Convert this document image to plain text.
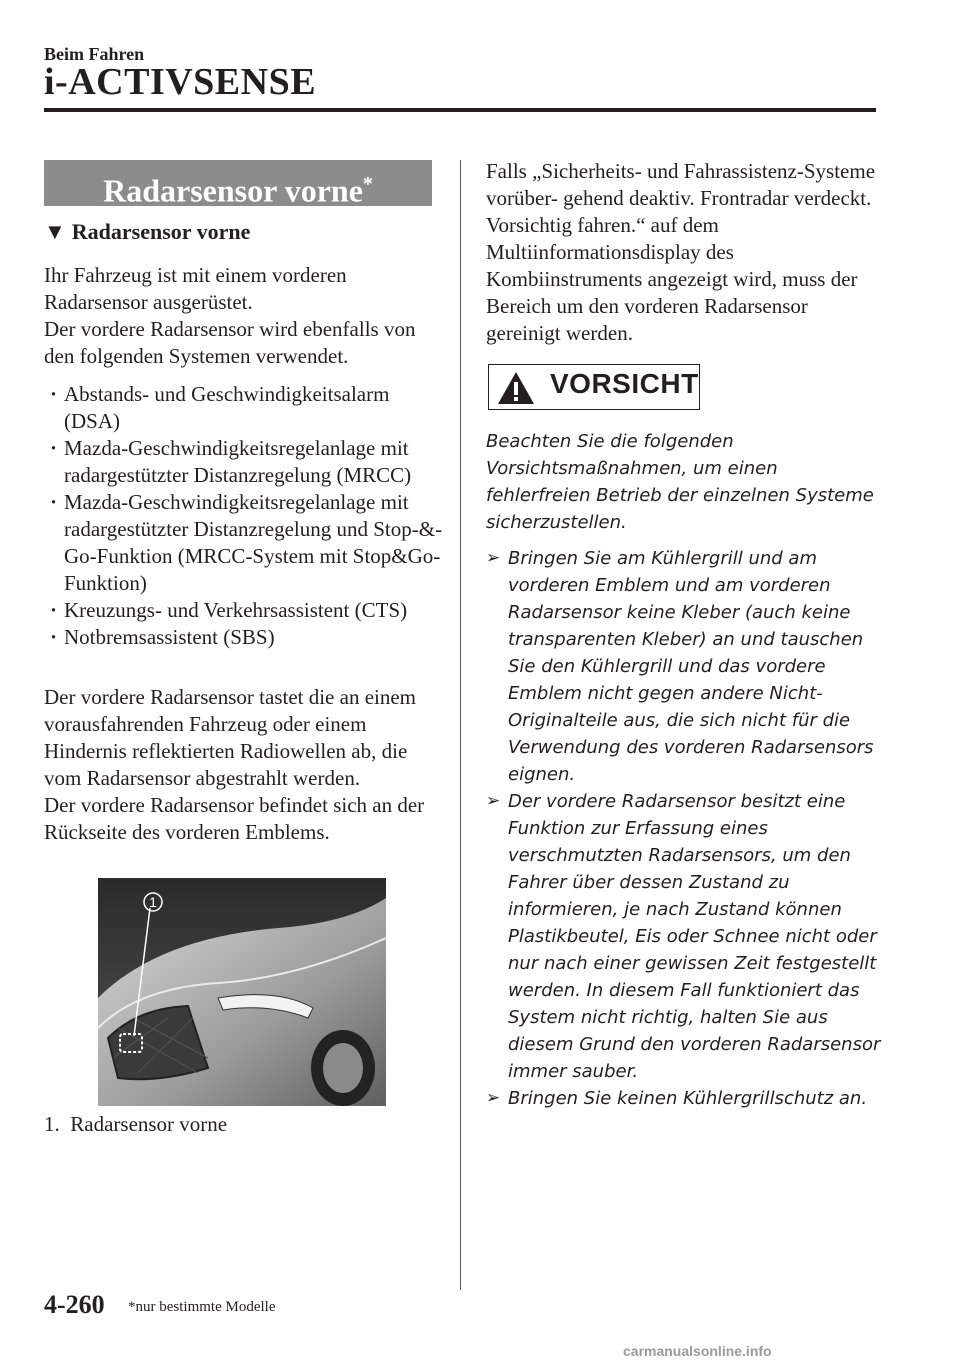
Beim Fahren
i-ACTIVSENSE
Radarsensor vorne*
▼ Radarsensor vorne
Ihr Fahrzeug ist mit einem vorderen Radarsensor ausgerüstet.
Der vordere Radarsensor wird ebenfalls von den folgenden Systemen verwendet.
· Abstands- und Geschwindigkeitsalarm (DSA)
· Mazda-Geschwindigkeitsregelanlage mit radargestützter Distanzregelung (MRCC)
· Mazda-Geschwindigkeitsregelanlage mit radargestützter Distanzregelung und Stop-&-Go-Funktion (MRCC-System mit Stop&Go-Funktion)
· Kreuzungs- und Verkehrsassistent (CTS)
· Notbremsassistent (SBS)
Der vordere Radarsensor tastet die an einem vorausfahrenden Fahrzeug oder einem Hindernis reflektierten Radiowellen ab, die vom Radarsensor abgestrahlt werden.
Der vordere Radarsensor befindet sich an der Rückseite des vorderen Emblems.
1
1.  Radarsensor vorne
Falls „Sicherheits- und Fahrassistenz-Systeme vorüber- gehend deaktiv. Frontradar verdeckt. Vorsichtig fahren.“ auf dem Multiinformationsdisplay des Kombiinstruments angezeigt wird, muss der Bereich um den vorderen Radarsensor gereinigt werden.
VORSICHT
Beachten Sie die folgenden Vorsichtsmaßnahmen, um einen fehlerfreien Betrieb der einzelnen Systeme sicherzustellen.
➢ Bringen Sie am Kühlergrill und am vorderen Emblem und am vorderen Radarsensor keine Kleber (auch keine transparenten Kleber) an und tauschen Sie den Kühlergrill und das vordere Emblem nicht gegen andere Nicht-Originalteile aus, die sich nicht für die Verwendung des vorderen Radarsensors eignen.
➢ Der vordere Radarsensor besitzt eine Funktion zur Erfassung eines verschmutzten Radarsensors, um den Fahrer über dessen Zustand zu informieren, je nach Zustand können Plastikbeutel, Eis oder Schnee nicht oder nur nach einer gewissen Zeit festgestellt werden. In diesem Fall funktioniert das System nicht richtig, halten Sie aus diesem Grund den vorderen Radarsensor immer sauber.
➢ Bringen Sie keinen Kühlergrillschutz an.
4-260 *nur bestimmte Modelle
carmanualsonline.info
